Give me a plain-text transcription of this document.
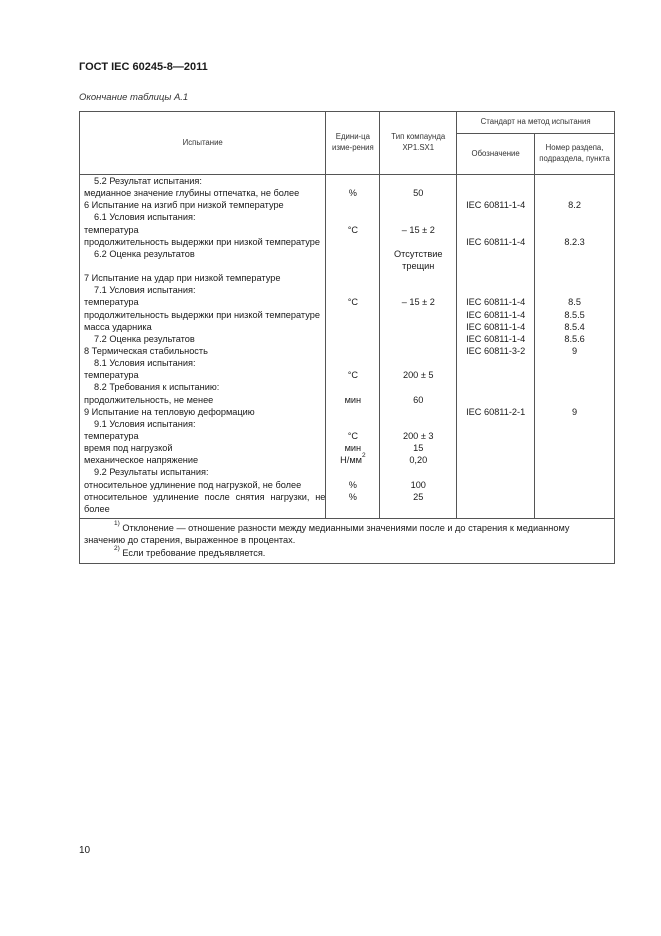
ГОСТ IEC 60245-8—2011
Окончание таблицы А.1
Испытание	Едини-ца изме-рения	Тип компаунда ХР1.SX1	Стандарт на метод испытания	
			Обозначение	Номер раздепа, подраздела, пункта
5.2 Результат испытания:				
медианное значение глубины отпечатка, не более	%	50		
6 Испытание на изгиб при низкой температуре			IEC 60811-1-4	8.2
6.1 Условия испытания:				
температура	°С	– 15 ± 2		
продолжительность выдержки при низкой температуре			IEC 60811-1-4	8.2.3
6.2 Оценка результатов		Отсутствие трещин		
7 Испытание на удар при низкой температуре				
7.1 Условия испытания:				
температура	°С	– 15 ± 2	IEC 60811-1-4	8.5
продолжительность выдержки при низкой температуре			IEC 60811-1-4	8.5.5
масса ударника			IEC 60811-1-4	8.5.4
7.2 Оценка результатов			IEC 60811-1-4	8.5.6
8 Термическая стабильность			IEC 60811-3-2	9
8.1 Условия испытания:				
температура	°С	200 ± 5		
8.2 Требования к испытанию:				
продолжительность, не менее	мин	60		
9 Испытание на тепловую деформацию			IEC 60811-2-1	9
9.1 Условия испытания:				
температура	°С	200 ± 3		
время под нагрузкой	мин	15		
механическое напряжение	$Н/мм^2$	0,20		
9.2 Результаты испытания:				
относительное удлинение под нагрузкой, не более	%	100		
относительное удлинение после снятия нагрузки, не более	%	25		

$^{1)}$ Отклонение — отношение разности между медианными значениями после и до старения к медианному значению до старения, выраженное в процентах.
$^{2)}$ Если требование предъявляется.				
10
